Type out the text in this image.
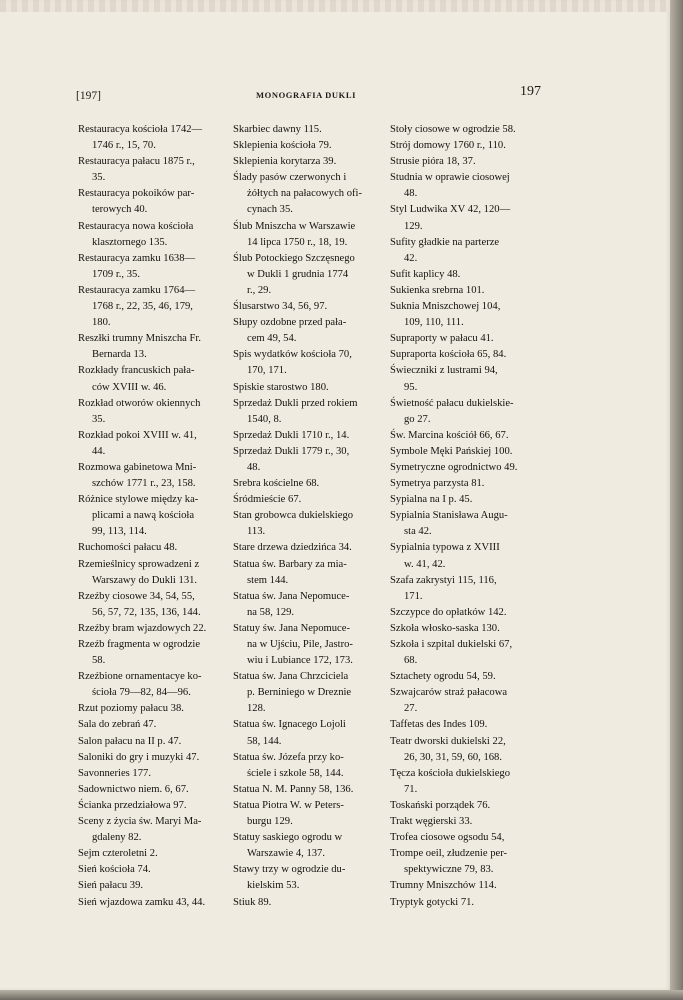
[197]	MONOGRAFIA DUKLI	197
Restauracya kościoła 1742—
1746 r., 15, 70.
Restauracya pałacu 1875 r.,
35.
Restauracya pokoików par-
terowych 40.
Restauracya nowa kościoła
klasztornego 135.
Restauracya zamku 1638—
1709 r., 35.
Restauracya zamku 1764—
1768 r., 22, 35, 46, 179,
180.
Reszłki trumny Mniszcha Fr.
Bernarda 13.
Rozkłady francuskich pała-
ców XVIII w. 46.
Rozkład otworów okiennych
35.
Rozkład pokoi XVIII w. 41,
44.
Rozmowa gabinetowa Mni-
szchów 1771 r., 23, 158.
Różnice stylowe między ka-
plicami a nawą kościoła
99, 113, 114.
Ruchomości pałacu 48.
Rzemieślnicy sprowadzeni z
Warszawy do Dukli 131.
Rzeźby ciosowe 34, 54, 55,
56, 57, 72, 135, 136, 144.
Rzeźby bram wjazdowych 22.
Rzeźb fragmenta w ogrodzie
58.
Rzeźbione ornamentacye ko-
ścioła 79—82, 84—96.
Rzut poziomy pałacu 38.
Sala do zebrań 47.
Salon pałacu na II p. 47.
Saloniki do gry i muzyki 47.
Savonneries 177.
Sadownictwo niem. 6, 67.
Ścianka przedziałowa 97.
Sceny z życia św. Maryi Ma-
gdaleny 82.
Sejm czteroletni 2.
Sień kościoła 74.
Sień pałacu 39.
Sień wjazdowa zamku 43, 44.
Skarbiec dawny 115.
Sklepienia kościoła 79.
Sklepienia korytarza 39.
Ślady pasów czerwonych i
żółtych na pałacowych ofi-
cynach 35.
Ślub Mniszcha w Warszawie
14 lipca 1750 r., 18, 19.
Ślub Potockiego Szczęsnego
w Dukli 1 grudnia 1774
r., 29.
Ślusarstwo 34, 56, 97.
Słupy ozdobne przed pała-
cem 49, 54.
Spis wydatków kościoła 70,
170, 171.
Spiskie starostwo 180.
Sprzedaż Dukli przed rokiem
1540, 8.
Sprzedaż Dukli 1710 r., 14.
Sprzedaż Dukli 1779 r., 30,
48.
Srebra kościelne 68.
Śródmieście 67.
Stan grobowca dukielskiego
113.
Stare drzewa dziedzińca 34.
Statua św. Barbary za mia-
stem 144.
Statua św. Jana Nepomuce-
na 58, 129.
Statuy św. Jana Nepomuce-
na w Ujściu, Pile, Jastro-
wiu i Lubiance 172, 173.
Statua św. Jana Chrzciciela
p. Berniniego w Dreznie
128.
Statua św. Ignacego Lojoli
58, 144.
Statua św. Józefa przy ko-
ściele i szkole 58, 144.
Statua N. M. Panny 58, 136.
Statua Piotra W. w Peters-
burgu 129.
Statuy saskiego ogrodu w
Warszawie 4, 137.
Stawy trzy w ogrodzie du-
kielskim 53.
Stiuk 89.
Stoły ciosowe w ogrodzie 58.
Strój domowy 1760 r., 110.
Strusie pióra 18, 37.
Studnia w oprawie ciosowej
48.
Styl Ludwika XV 42, 120—
129.
Sufity gładkie na parterze
42.
Sufit kaplicy 48.
Sukienka srebrna 101.
Suknia Mniszchowej 104,
109, 110, 111.
Supraporty w pałacu 41.
Supraporta kościoła 65, 84.
Świeczniki z lustrami 94,
95.
Świetność pałacu dukielskie-
go 27.
Św. Marcina kościół 66, 67.
Symbole Męki Pańskiej 100.
Symetryczne ogrodnictwo 49.
Symetrya parzysta 81.
Sypialna na I p. 45.
Sypialnia Stanisława Augu-
sta 42.
Sypialnia typowa z XVIII
w. 41, 42.
Szafa zakrystyi 115, 116,
171.
Szczypce do opłatków 142.
Szkoła włosko-saska 130.
Szkoła i szpital dukielski 67,
68.
Sztachety ogrodu 54, 59.
Szwajcarów straż pałacowa
27.
Taffetas des Indes 109.
Teatr dworski dukielski 22,
26, 30, 31, 59, 60, 168.
Tęcza kościoła dukielskiego
71.
Toskański porządek 76.
Trakt węgierski 33.
Trofea ciosowe ogsodu 54,
Trompe oeil, złudzenie per-
spektywiczne 79, 83.
Trumny Mniszchów 114.
Tryptyk gotycki 71.
